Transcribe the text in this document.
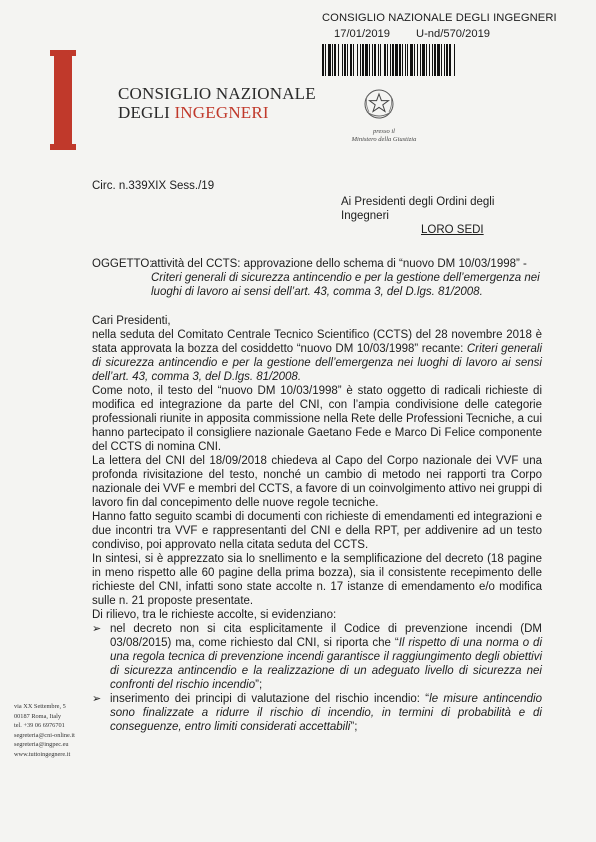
CONSIGLIO NAZIONALE DEGLI INGEGNERI
17/01/2019 U-nd/570/2019
CONSIGLIO NAZIONALE
DEGLI INGEGNERI
presso il
Ministero della Giustizia
Circ. n.339XIX Sess./19
Ai Presidenti degli Ordini degli
Ingegneri
LORO SEDI
OGGETTO:
attività del CCTS: approvazione dello schema di “nuovo DM 10/03/1998” - Criteri generali di sicurezza antincendio e per la gestione dell’emergenza nei luoghi di lavoro ai sensi dell’art. 43, comma 3, del D.lgs. 81/2008.

Cari Presidenti,

nella seduta del Comitato Centrale Tecnico Scientifico (CCTS) del 28 novembre 2018 è stata approvata la bozza del cosiddetto “nuovo DM 10/03/1998” recante: Criteri generali di sicurezza antincendio e per la gestione dell’emergenza nei luoghi di lavoro ai sensi dell’art. 43, comma 3, del D.lgs. 81/2008.

Come noto, il testo del “nuovo DM 10/03/1998” è stato oggetto di radicali richieste di modifica ed integrazione da parte del CNI, con l’ampia condivisione delle categorie professionali riunite in apposita commissione nella Rete delle Professioni Tecniche, a cui hanno partecipato il consigliere nazionale Gaetano Fede e Marco Di Felice componente del CCTS di nomina CNI.

La lettera del CNI del 18/09/2018 chiedeva al Capo del Corpo nazionale dei VVF una profonda rivisitazione del testo, nonché un cambio di metodo nei rapporti tra Corpo nazionale dei VVF e membri del CCTS, a favore di un coinvolgimento attivo nei gruppi di lavoro fin dal concepimento delle nuove regole tecniche.

Hanno fatto seguito scambi di documenti con richieste di emendamenti ed integrazioni e due incontri tra VVF e rappresentanti del CNI e della RPT, per addivenire ad un testo condiviso, poi approvato nella citata seduta del CCTS.

In sintesi, si è apprezzato sia lo snellimento e la semplificazione del decreto (18 pagine in meno rispetto alle 60 pagine della prima bozza), sia il consistente recepimento delle richieste del CNI, infatti sono state accolte n. 17 istanze di emendamento e/o modifica sulle n. 21 proposte presentate.

Di rilievo, tra le richieste accolte, si evidenziano:

➢ nel decreto non si cita esplicitamente il Codice di prevenzione incendi (DM 03/08/2015) ma, come richiesto dal CNI, si riporta che “Il rispetto di una norma o di una regola tecnica di prevenzione incendi garantisce il raggiungimento degli obiettivi di sicurezza antincendio e la realizzazione di un adeguato livello di sicurezza nei confronti del rischio incendio”;
➢ inserimento dei principi di valutazione del rischio incendio: “le misure antincendio sono finalizzate a ridurre il rischio di incendio, in termini di probabilità e di conseguenze, entro limiti considerati accettabili”;
via XX Settembre, 5
00187 Roma, Italy
tel. +39 06 6976701
segreteria@cni-online.it
segreteria@ingpec.eu
www.tuttoingegnere.it
